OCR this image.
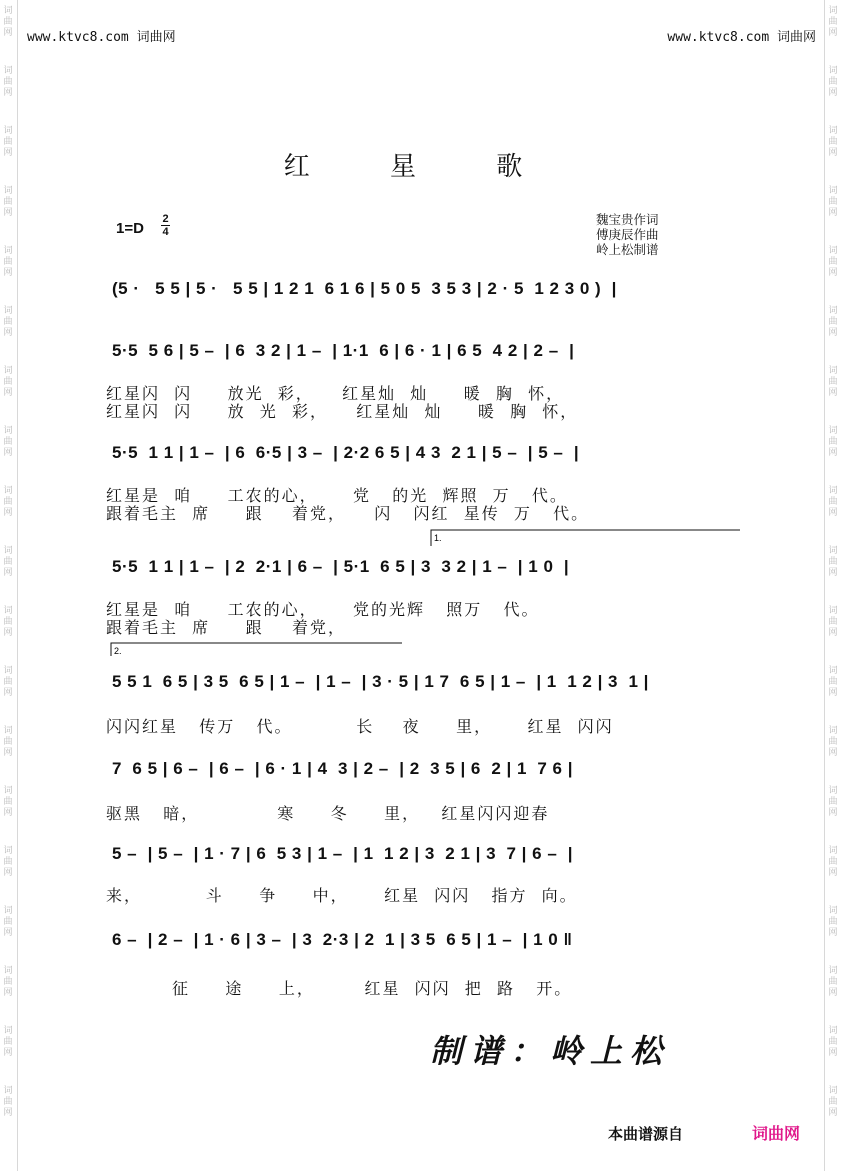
词曲网
词曲网
词曲网
词曲网
词曲网
词曲网
词曲网
词曲网
词曲网
词曲网
词曲网
词曲网
词曲网
词曲网
词曲网
词曲网
词曲网
词曲网
词曲网
词曲网
词曲网
词曲网
词曲网
词曲网
词曲网
词曲网
词曲网
词曲网
词曲网
词曲网
词曲网
词曲网
词曲网
词曲网
词曲网
词曲网
词曲网
词曲网
www.ktvc8.com 词曲网	www.ktvc8.com 词曲网
红 星 歌
1=D
2
4
魏宝贵作词
傅庚辰作曲
岭上松制谱
1.
2.
(5 ·   5 5 | 5 ·   5 5 | 1 2 1  6 1 6 | 5 0 5  3 5 3 | 2 · 5  1 2 3 0 )  |
5·5  5 6 | 5 –  | 6  3 2 | 1 –  | 1·1  6 | 6 · 1 | 6 5  4 2 | 2 –  |
红星闪  闪     放光  彩，    红星灿  灿     暖  胸  怀，
红星闪  闪     放  光  彩，    红星灿  灿     暖  胸  怀，
5·5  1 1 | 1 –  | 6  6·5 | 3 –  | 2·2 6 5 | 4 3  2 1 | 5 –  | 5 –  |
红星是  咱     工农的心，     党   的光  辉照  万   代。
跟着毛主  席     跟    着党，    闪   闪红  星传  万   代。
5·5  1 1 | 1 –  | 2  2·1 | 6 –  | 5·1  6 5 | 3  3 2 | 1 –  | 1 0  |
红星是  咱     工农的心，     党的光辉   照万   代。
跟着毛主  席     跟    着党，
5 5 1  6 5 | 3 5  6 5 | 1 –  | 1 –  | 3 · 5 | 1 7  6 5 | 1 –  | 1  1 2 | 3  1 |
闪闪红星   传万   代。         长    夜     里，     红星  闪闪
7  6 5 | 6 –  | 6 –  | 6 · 1 | 4  3 | 2 –  | 2  3 5 | 6  2 | 1  7 6 |
驱黑   暗，           寒     冬     里，   红星闪闪迎春
5 –  | 5 –  | 1 · 7 | 6  5 3 | 1 –  | 1  1 2 | 3  2 1 | 3  7 | 6 –  |
来，         斗     争     中，     红星  闪闪   指方  向。
6 –  | 2 –  | 1 · 6 | 3 –  | 3  2·3 | 2  1 | 3 5  6 5 | 1 –  | 1 0 ‖
征     途     上，       红星  闪闪  把  路   开。
制谱：岭上松
本曲谱源自	词曲网
